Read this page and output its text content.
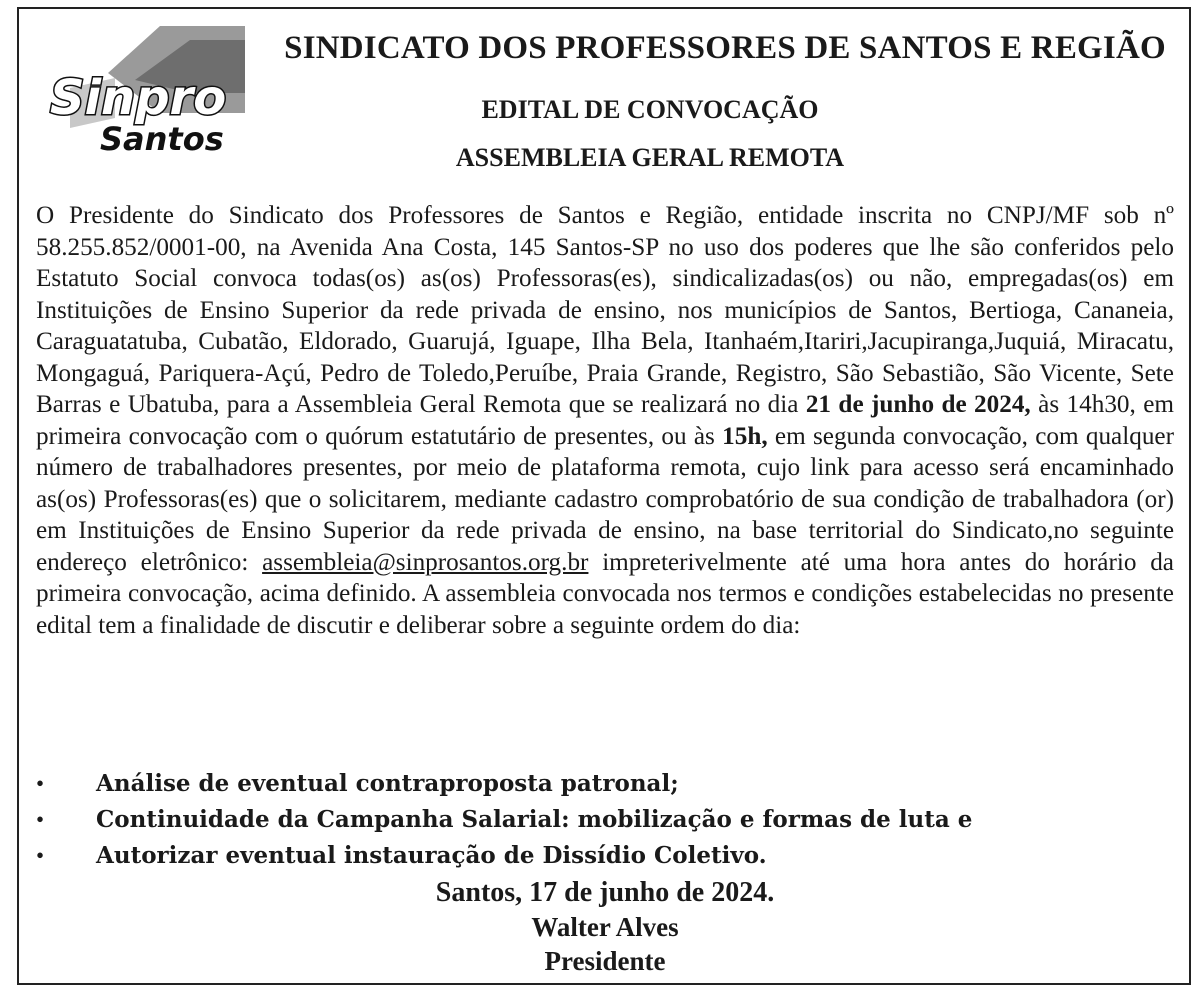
Sinpro
Santos
SINDICATO DOS PROFESSORES DE SANTOS E REGIÃO
EDITAL DE CONVOCAÇÃO
ASSEMBLEIA GERAL REMOTA

O Presidente do Sindicato dos Professores de Santos e Região, entidade inscrita no CNPJ/MF sob nº 58.255.852/0001-00, na Avenida Ana Costa, 145 Santos-SP no uso dos poderes que lhe são conferidos pelo Estatuto Social convoca todas(os) as(os) Professoras(es), sindicalizadas(os) ou não, empregadas(os) em Instituições de Ensino Superior da rede privada de ensino, nos municípios de Santos, Bertioga, Cananeia, Caraguatatuba, Cubatão, Eldorado, Guarujá, Iguape, Ilha Bela, Itanhaém,Itariri,Jacupiranga,Juquiá, Miracatu, Mongaguá, Pariquera-Açú, Pedro de Toledo,Peruíbe, Praia Grande, Registro, São Sebastião, São Vicente, Sete Barras e Ubatuba, para a Assembleia Geral Remota que se realizará no dia 21 de junho de 2024, às 14h30, em primeira convocação com o quórum estatutário de presentes, ou às 15h, em segunda convocação, com qualquer número de trabalhadores presentes, por meio de plataforma remota, cujo link para acesso será encaminhado as(os) Professoras(es) que o solicitarem, mediante cadastro comprobatório de sua condição de trabalhadora (or) em Instituições de Ensino Superior da rede privada de ensino, na base territorial do Sindicato,no seguinte endereço eletrônico: assembleia@sinprosantos.org.br impreterivelmente até uma hora antes do horário da primeira convocação, acima definido. A assembleia convocada nos termos e condições estabelecidas no presente edital tem a finalidade de discutir e deliberar sobre a seguinte ordem do dia:

• Análise de eventual contraproposta patronal;
• Continuidade da Campanha Salarial: mobilização e formas de luta e
• Autorizar eventual instauração de Dissídio Coletivo.
Santos, 17 de junho de 2024.
Walter Alves
Presidente
